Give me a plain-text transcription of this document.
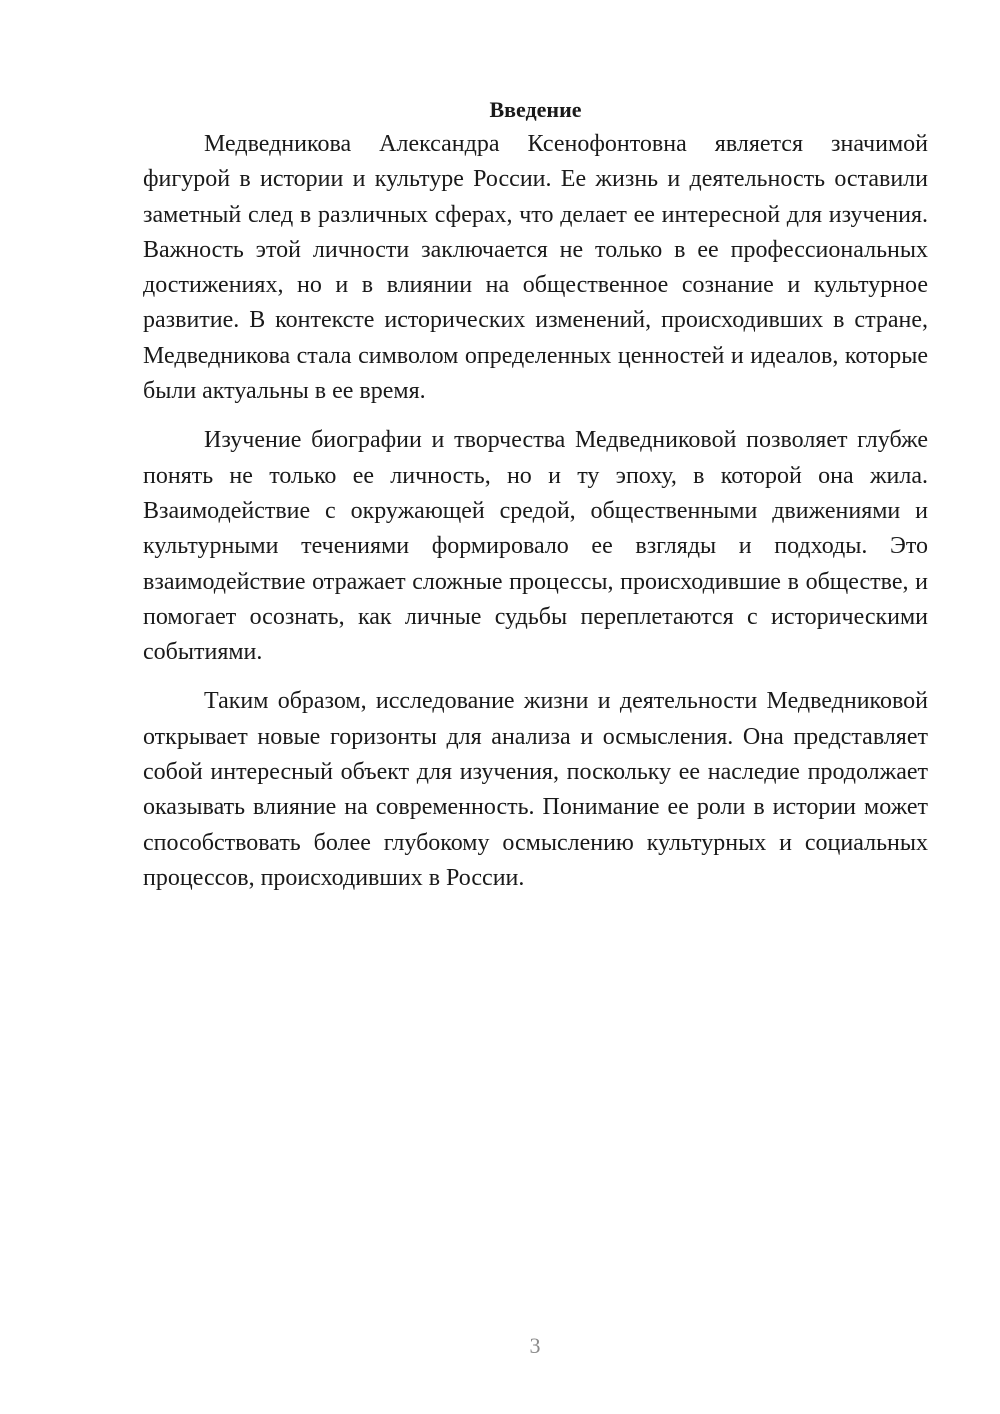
Введение

Медведникова Александра Ксенофонтовна является значимой фигурой в истории и культуре России. Ее жизнь и деятельность оставили заметный след в различных сферах, что делает ее интересной для изучения. Важность этой личности заключается не только в ее профессиональных достижениях, но и в влиянии на общественное сознание и культурное развитие. В контексте исторических изменений, происходивших в стране, Медведникова стала символом определенных ценностей и идеалов, которые были актуальны в ее время.

Изучение биографии и творчества Медведниковой позволяет глубже понять не только ее личность, но и ту эпоху, в которой она жила. Взаимодействие с окружающей средой, общественными движениями и культурными течениями формировало ее взгляды и подходы. Это взаимодействие отражает сложные процессы, происходившие в обществе, и помогает осознать, как личные судьбы переплетаются с историческими событиями.

Таким образом, исследование жизни и деятельности Медведниковой открывает новые горизонты для анализа и осмысления. Она представляет собой интересный объект для изучения, поскольку ее наследие продолжает оказывать влияние на современность. Понимание ее роли в истории может способствовать более глубокому осмыслению культурных и социальных процессов, происходивших в России.

3
